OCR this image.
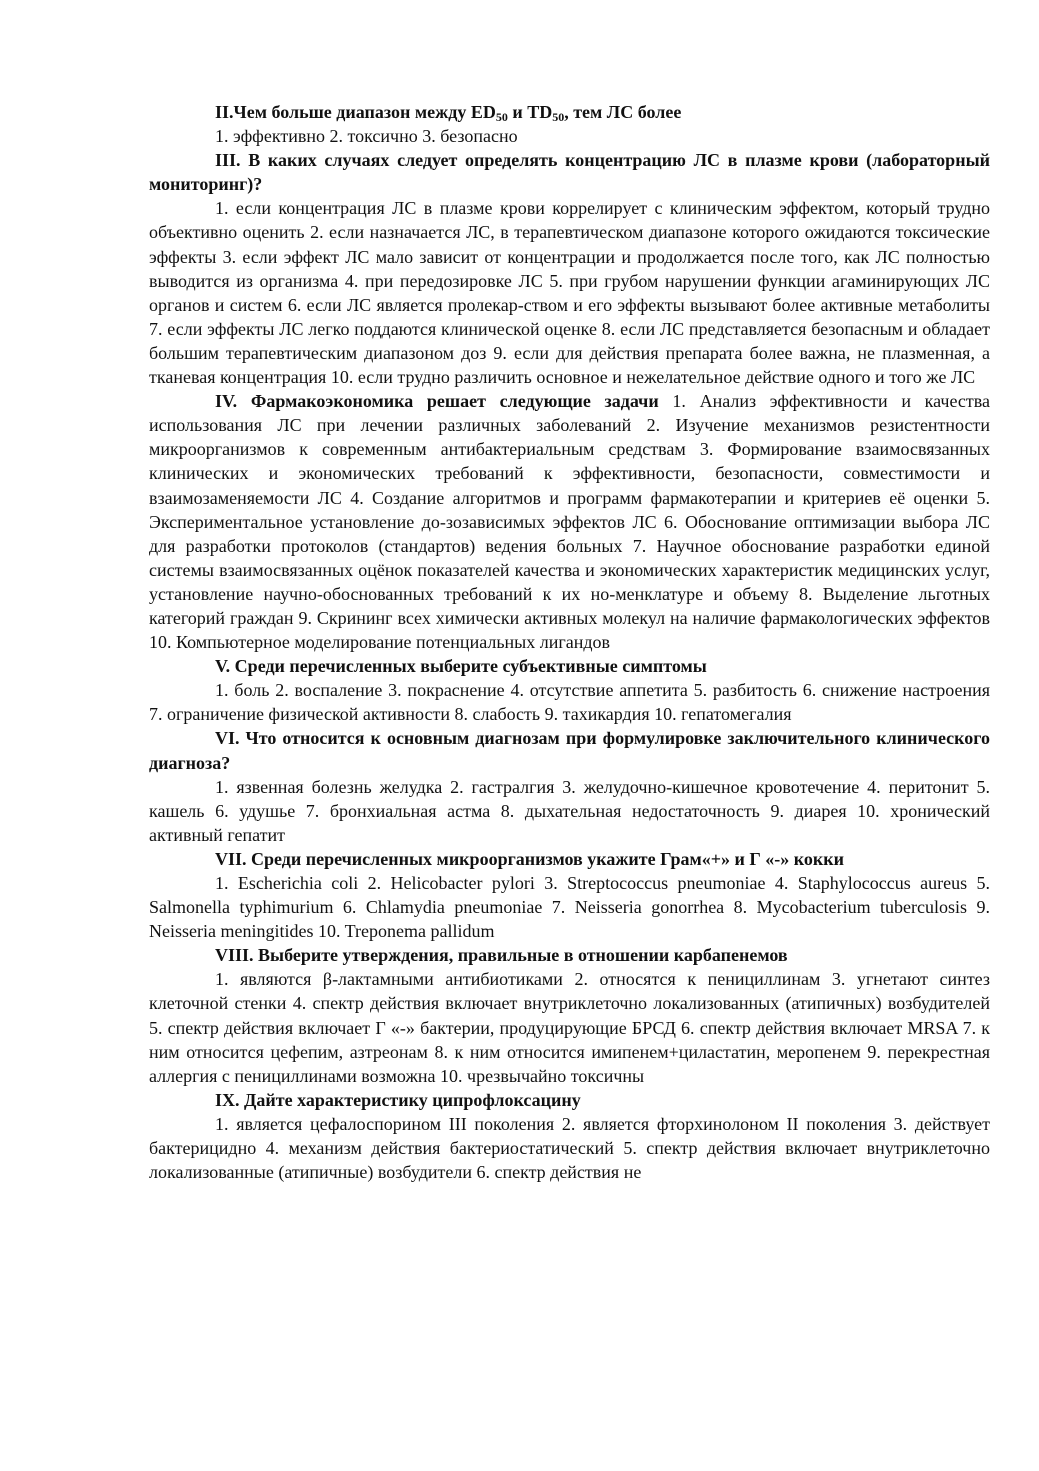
II.Чем больше диапазон между $ED_{50}$ и $TD_{50}$, тем ЛС более

1. эффективно 2. токсично 3. безопасно

III. В каких случаях следует определять концентрацию ЛС в плазме крови (лабораторный мониторинг)?

1. если концентрация ЛС в плазме крови коррелирует с клиническим эффектом, который трудно объективно оценить 2. если назначается ЛС, в терапевтическом диапазоне которого ожидаются токсические эффекты 3. если эффект ЛС мало зависит от концентрации и продолжается после того, как ЛС полностью выводится из организма 4. при передозировке ЛС 5. при грубом нарушении функции агаминирующих ЛС органов и систем 6. если ЛС является пролекар-ством и его эффекты вызывают более активные метаболиты 7. если эффекты ЛС легко поддаются клинической оценке 8. если ЛС представляется безопасным и обладает большим терапевтическим диапазоном доз 9. если для действия препарата более важна, не плазменная, а тканевая концентрация 10. если трудно различить основное и нежелательное действие одного и того же ЛС

IV. Фармакоэкономика решает следующие задачи 1. Анализ эффективности и качества использования ЛС при лечении различных заболеваний 2. Изучение механизмов резистентности микроорганизмов к современным антибактериальным средствам 3. Формирование взаимосвязанных клинических и экономических требований к эффективности, безопасности, совместимости и взаимозаменяемости ЛС 4. Создание алгоритмов и программ фармакотерапии и критериев её оценки 5. Экспериментальное установление до-зозависимых эффектов ЛС 6. Обоснование оптимизации выбора ЛС для разработки протоколов (стандартов) ведения больных 7. Научное обоснование разработки единой системы взаимосвязанных оцёнок показателей качества и экономических характеристик медицинских услуг, установление научно-обоснованных требований к их но-менклатуре и объему 8. Выделение льготных категорий граждан 9. Скрининг всех химически активных молекул на наличие фармакологических эффектов 10. Компьютерное моделирование потенциальных лигандов

V. Среди перечисленных выберите субъективные симптомы

1. боль 2. воспаление 3. покраснение 4. отсутствие аппетита 5. разбитость 6. снижение настроения 7. ограничение физической активности 8. слабость 9. тахикардия 10. гепатомегалия

VI. Что относится к основным диагнозам при формулировке заключительного клинического диагноза?

1. язвенная болезнь желудка 2. гастралгия 3. желудочно-кишечное кровотечение 4. перитонит 5. кашель 6. удушье 7. бронхиальная астма 8. дыхательная недостаточность 9. диарея 10. хронический активный гепатит

VII. Среди перечисленных микроорганизмов укажите Грам«+» и Г «-» кокки

1. Escherichia coli 2. Helicobacter pylori 3. Streptococcus pneumoniae 4. Staphylococcus aureus 5. Salmonella typhimurium 6. Chlamydia pneumoniae 7. Neisseria gonorrhea 8. Mycobacterium tuberculosis 9. Neisseria meningitides 10. Treponema pallidum

VIII. Выберите утверждения, правильные в отношении карбапенемов

1. являются β-лактамными антибиотиками 2. относятся к пенициллинам 3. угнетают синтез клеточной стенки 4. спектр действия включает внутриклеточно локализованных (атипичных) возбудителей 5. спектр действия включает Г «-» бактерии, продуцирующие БРСД 6. спектр действия включает MRSA 7. к ним относится цефепим, азтреонам 8. к ним относится имипенем+циластатин, меропенем 9. перекрестная аллергия с пенициллинами возможна 10. чрезвычайно токсичны

IX. Дайте характеристику ципрофлоксацину

1. является цефалоспорином III поколения 2. является фторхинолоном II поколения 3. действует бактерицидно 4. механизм действия бактериостатический 5. спектр действия включает внутриклеточно локализованные (атипичные) возбудители 6. спектр действия не
